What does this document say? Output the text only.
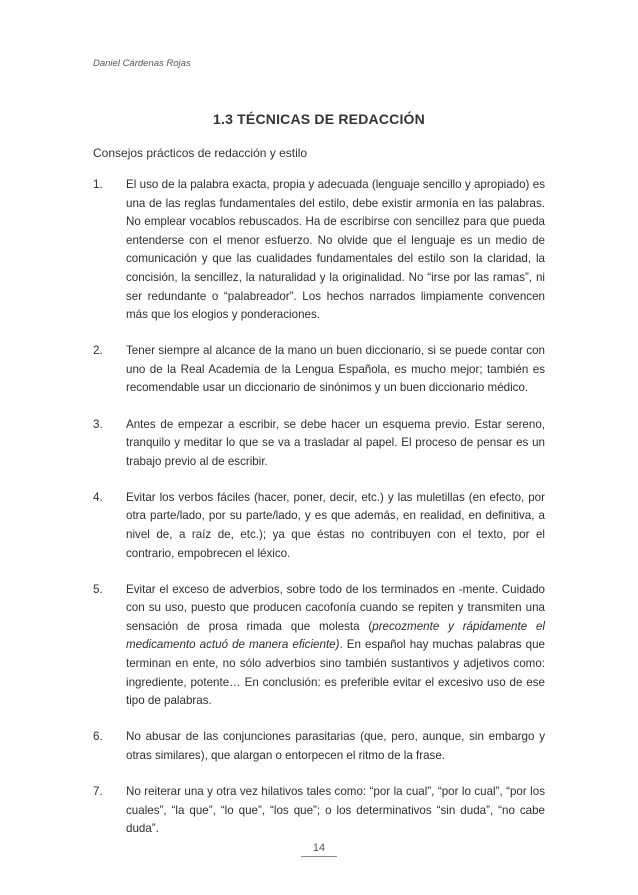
Daniel Cárdenas Rojas
1.3 TÉCNICAS DE REDACCIÓN
Consejos prácticos de redacción y estilo
1.	El uso de la palabra exacta, propia y adecuada (lenguaje sencillo y apropiado) es una de las reglas fundamentales del estilo, debe existir armonía en las palabras. No emplear vocablos rebuscados. Ha de escribirse con sencillez para que pueda entenderse con el menor esfuerzo. No olvide que el lenguaje es un medio de comunicación y que las cualidades fundamentales del estilo son la claridad, la concisión, la sencillez, la naturalidad y la originalidad. No “irse por las ramas”, ni ser redundante o “palabreador”. Los hechos narrados limpiamente convencen más que los elogios y ponderaciones.
2.	Tener siempre al alcance de la mano un buen diccionario, si se puede contar con uno de la Real Academia de la Lengua Española, es mucho mejor; también es recomendable usar un diccionario de sinónimos y un buen diccionario médico.
3.	Antes de empezar a escribir, se debe hacer un esquema previo. Estar sereno, tranquilo y meditar lo que se va a trasladar al papel. El proceso de pensar es un trabajo previo al de escribir.
4.	Evitar los verbos fáciles (hacer, poner, decir, etc.) y las muletillas (en efecto, por otra parte/lado, por su parte/lado, y es que además, en realidad, en definitiva, a nivel de, a raíz de, etc.); ya que éstas no contribuyen con el texto, por el contrario, empobrecen el léxico.
5.	Evitar el exceso de adverbios, sobre todo de los terminados en -mente. Cuidado con su uso, puesto que producen cacofonía cuando se repiten y transmiten una sensación de prosa rimada que molesta (precozmente y rápidamente el medicamento actuó de manera eficiente). En español hay muchas palabras que terminan en ente, no sólo adverbios sino también sustantivos y adjetivos como: ingrediente, potente… En conclusión: es preferible evitar el excesivo uso de ese tipo de palabras.
6.	No abusar de las conjunciones parasitarias (que, pero, aunque, sin embargo y otras similares), que alargan o entorpecen el ritmo de la frase.
7.	No reiterar una y otra vez hilativos tales como: “por la cual”, “por lo cual”, “por los cuales”, “la que”, “lo que”, “los que”; o los determinativos “sin duda”, “no cabe duda”.
14
